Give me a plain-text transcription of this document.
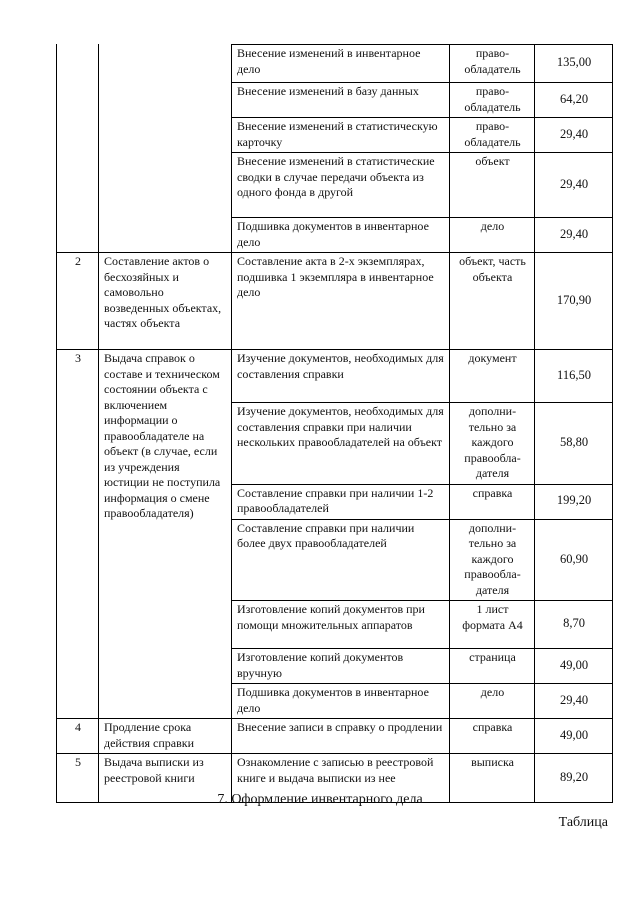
		Внесение изменений в инвентарное дело	право-обладатель	135,00
		Внесение изменений в базу данных	право-обладатель	64,20
		Внесение изменений в статистическую карточку	право-обладатель	29,40
		Внесение изменений в статистические сводки в случае передачи объекта из одного фонда в другой	объект	29,40
		Подшивка документов в инвентарное дело	дело	29,40
2	Составление актов о бесхозяйных и самовольно возведенных объектах, частях объекта	Составление акта в 2-х экземплярах, подшивка 1 экземпляра в инвентарное дело	объект, часть объекта	170,90
3	Выдача справок о составе и техническом состоянии объекта с включением информации о правообладателе на объект (в случае, если из учреждения юстиции не поступила информация о смене правообладателя)	Изучение документов, необходимых для составления справки	документ	116,50
		Изучение документов, необходимых для составления справки при наличии нескольких правообладателей на объект	дополни-тельно за каждого правообла-дателя	58,80
		Составление справки при наличии 1-2 правообладателей	справка	199,20
		Составление справки при наличии более двух правообладателей	дополни-тельно за каждого правообла-дателя	60,90
		Изготовление копий документов при помощи множительных аппаратов	1 лист формата А4	8,70
		Изготовление копий документов вручную	страница	49,00
		Подшивка документов в инвентарное дело	дело	29,40
4	Продление срока действия справки	Внесение записи в справку о продлении	справка	49,00
5	Выдача выписки из реестровой книги	Ознакомление с записью в реестровой книге и выдача выписки из нее	выписка	89,20
7. Оформление инвентарного дела
Таблица
